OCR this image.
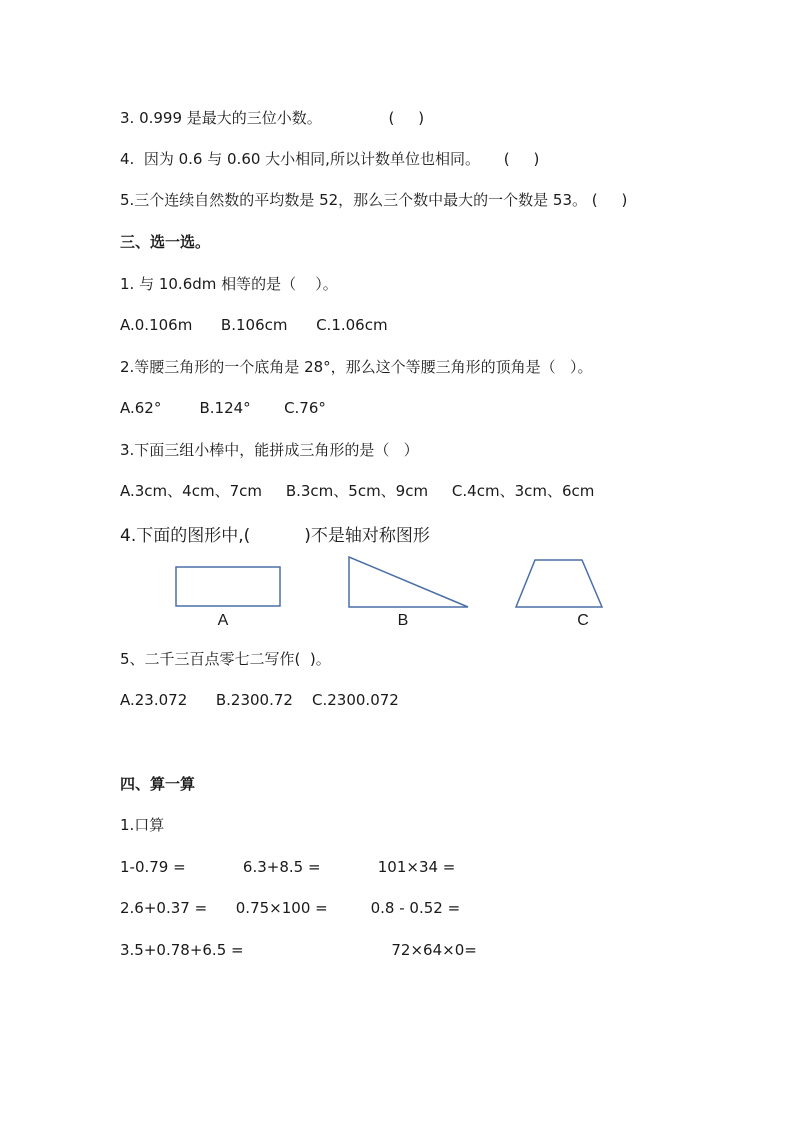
3. 0.999 是最大的三位小数。              (     )
4.  因为 0.6 与 0.60 大小相同,所以计数单位也相同。     (     )
5.三个连续自然数的平均数是 52，那么三个数中最大的一个数是 53。 (     )
三、选一选。
1. 与 10.6dm 相等的是（    ）。
A.0.106m      B.106cm      C.1.06cm
2.等腰三角形的一个底角是 28°，那么这个等腰三角形的顶角是（   ）。
A.62°        B.124°       C.76°
3.下面三组小棒中，能拼成三角形的是（   ）
A.3cm、4cm、7cm     B.3cm、5cm、9cm     C.4cm、3cm、6cm
4.下面的图形中,(          )不是轴对称图形
A	B	C
5、二千三百点零七二写作(  )。
A.23.072      B.2300.72    C.2300.072
四、算一算
1.口算
1-0.79 =            6.3+8.5 =            101×34 =
2.6+0.37 =      0.75×100 =         0.8 - 0.52 =
3.5+0.78+6.5 =                               72×64×0=
